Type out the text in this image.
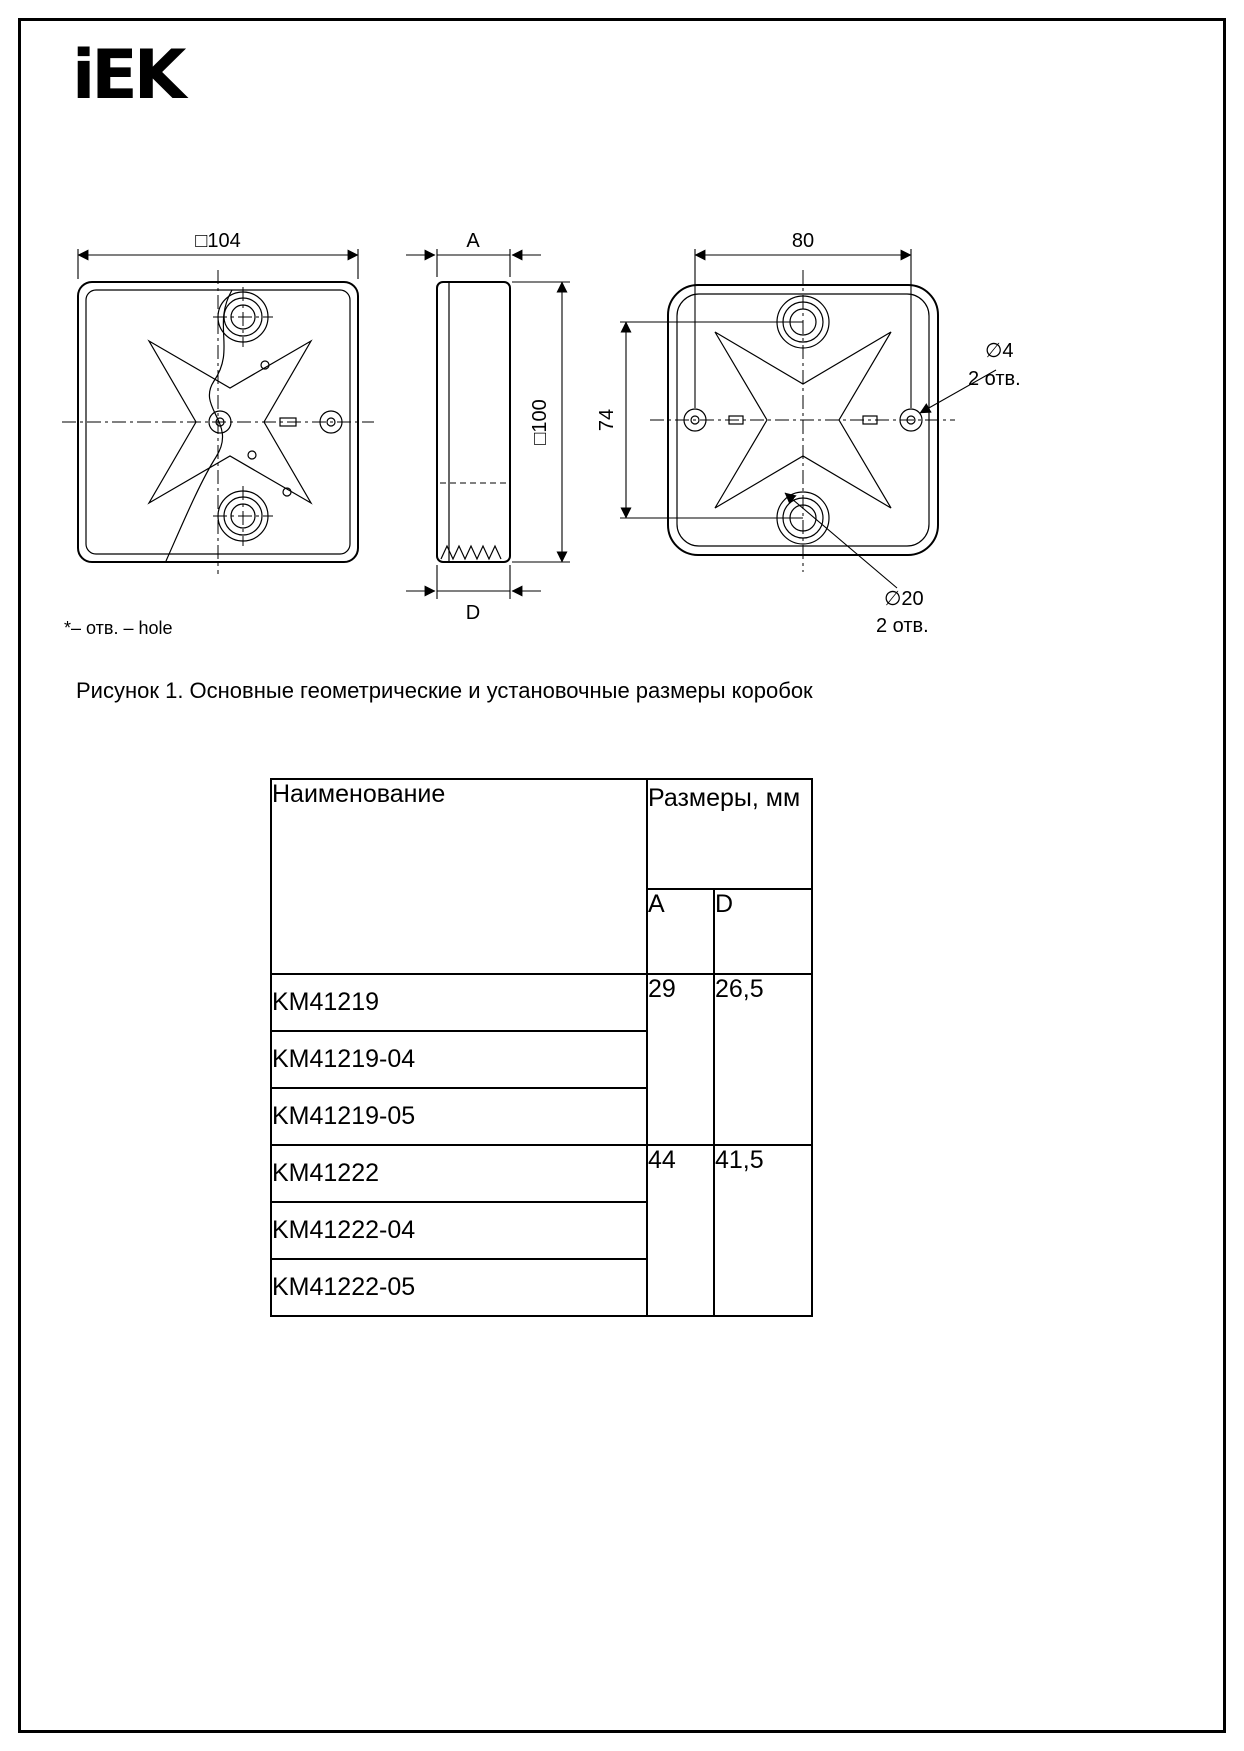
iEK
□104	A
□100
D
80
74
∅4
2 отв.
∅20
2 отв.
*– отв. – hole
Рисунок 1. Основные геометрические и установочные размеры коробок
Наименование	Размеры, мм	
	A	D
KM41219	29	26,5
KM41219-04		
KM41219-05		
KM41222	44	41,5
KM41222-04		
KM41222-05		
